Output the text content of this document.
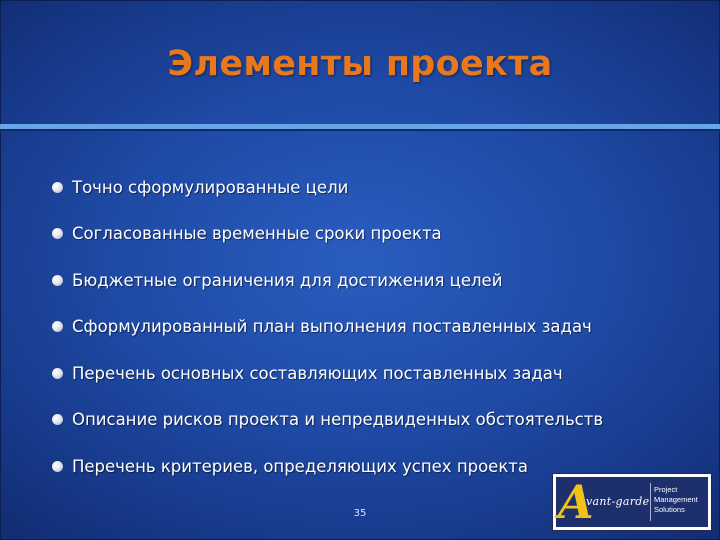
Элементы проекта
Точно сформулированные цели
Согласованные временные сроки проекта
Бюджетные ограничения для достижения целей
Сформулированный план выполнения поставленных задач
Перечень основных составляющих поставленных задач
Описание рисков проекта и непредвиденных обстоятельств
Перечень критериев, определяющих успех проекта
35	A
vant-garde
Project
Management
Solutions
